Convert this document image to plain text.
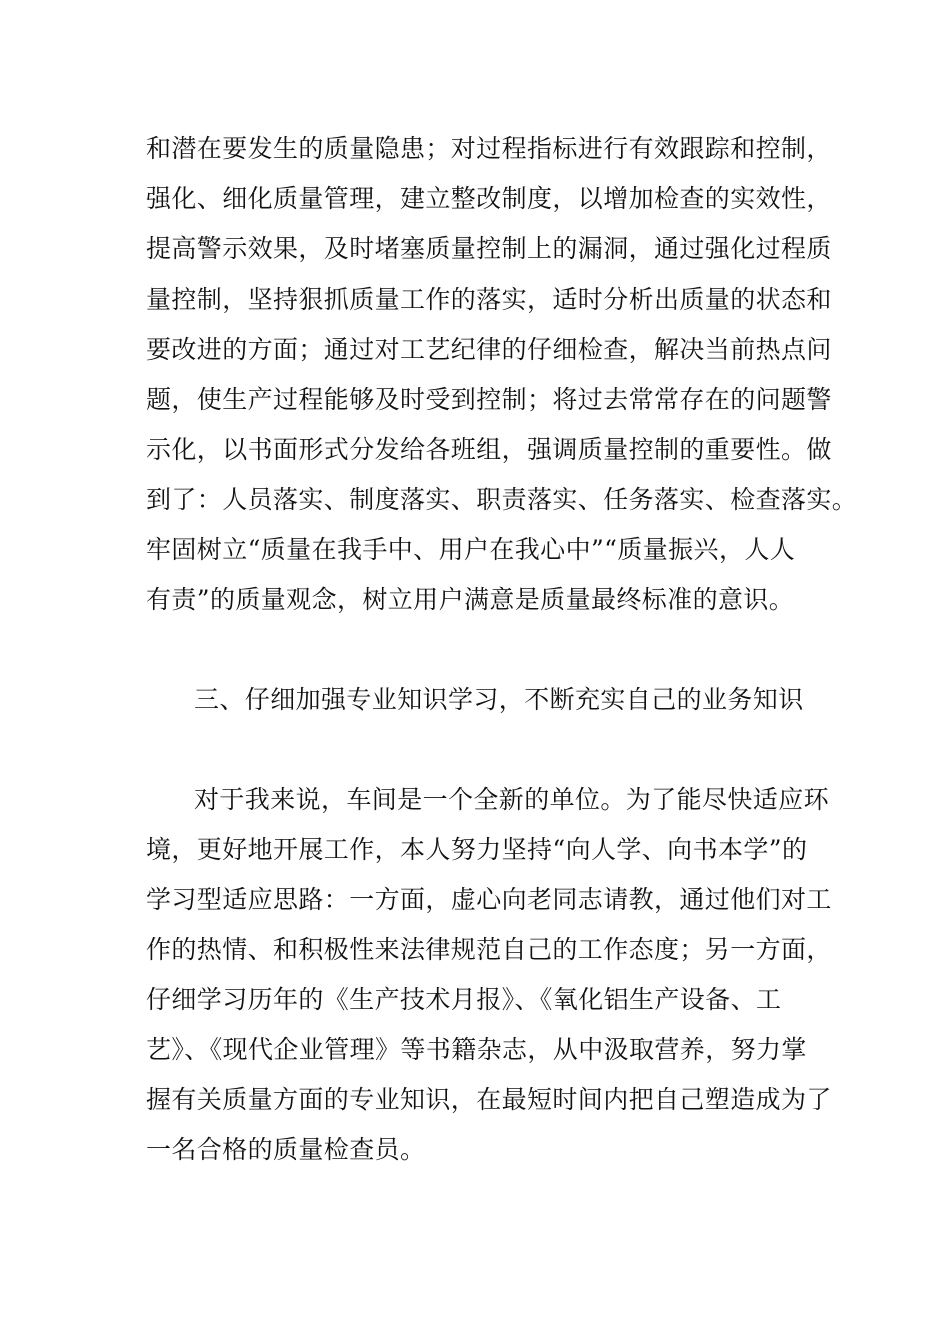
和潜在要发生的质量隐患；对过程指标进行有效跟踪和控制，
强化、细化质量管理，建立整改制度，以增加检查的实效性，
提高警示效果，及时堵塞质量控制上的漏洞，通过强化过程质
量控制，坚持狠抓质量工作的落实，适时分析出质量的状态和
要改进的方面；通过对工艺纪律的仔细检查，解决当前热点问
题，使生产过程能够及时受到控制；将过去常常存在的问题警
示化，以书面形式分发给各班组，强调质量控制的重要性。做
到了：人员落实、制度落实、职责落实、任务落实、检查落实。
牢固树立“质量在我手中、用户在我心中”“质量振兴，人人
有责”的质量观念，树立用户满意是质量最终标准的意识。
三、仔细加强专业知识学习，不断充实自己的业务知识
对于我来说，车间是一个全新的单位。为了能尽快适应环
境，更好地开展工作，本人努力坚持“向人学、向书本学”的
学习型适应思路：一方面，虚心向老同志请教，通过他们对工
作的热情、和积极性来法律规范自己的工作态度；另一方面，
仔细学习历年的《生产技术月报》、《氧化铝生产设备、工
艺》、《现代企业管理》等书籍杂志，从中汲取营养，努力掌
握有关质量方面的专业知识，在最短时间内把自己塑造成为了
一名合格的质量检查员。
